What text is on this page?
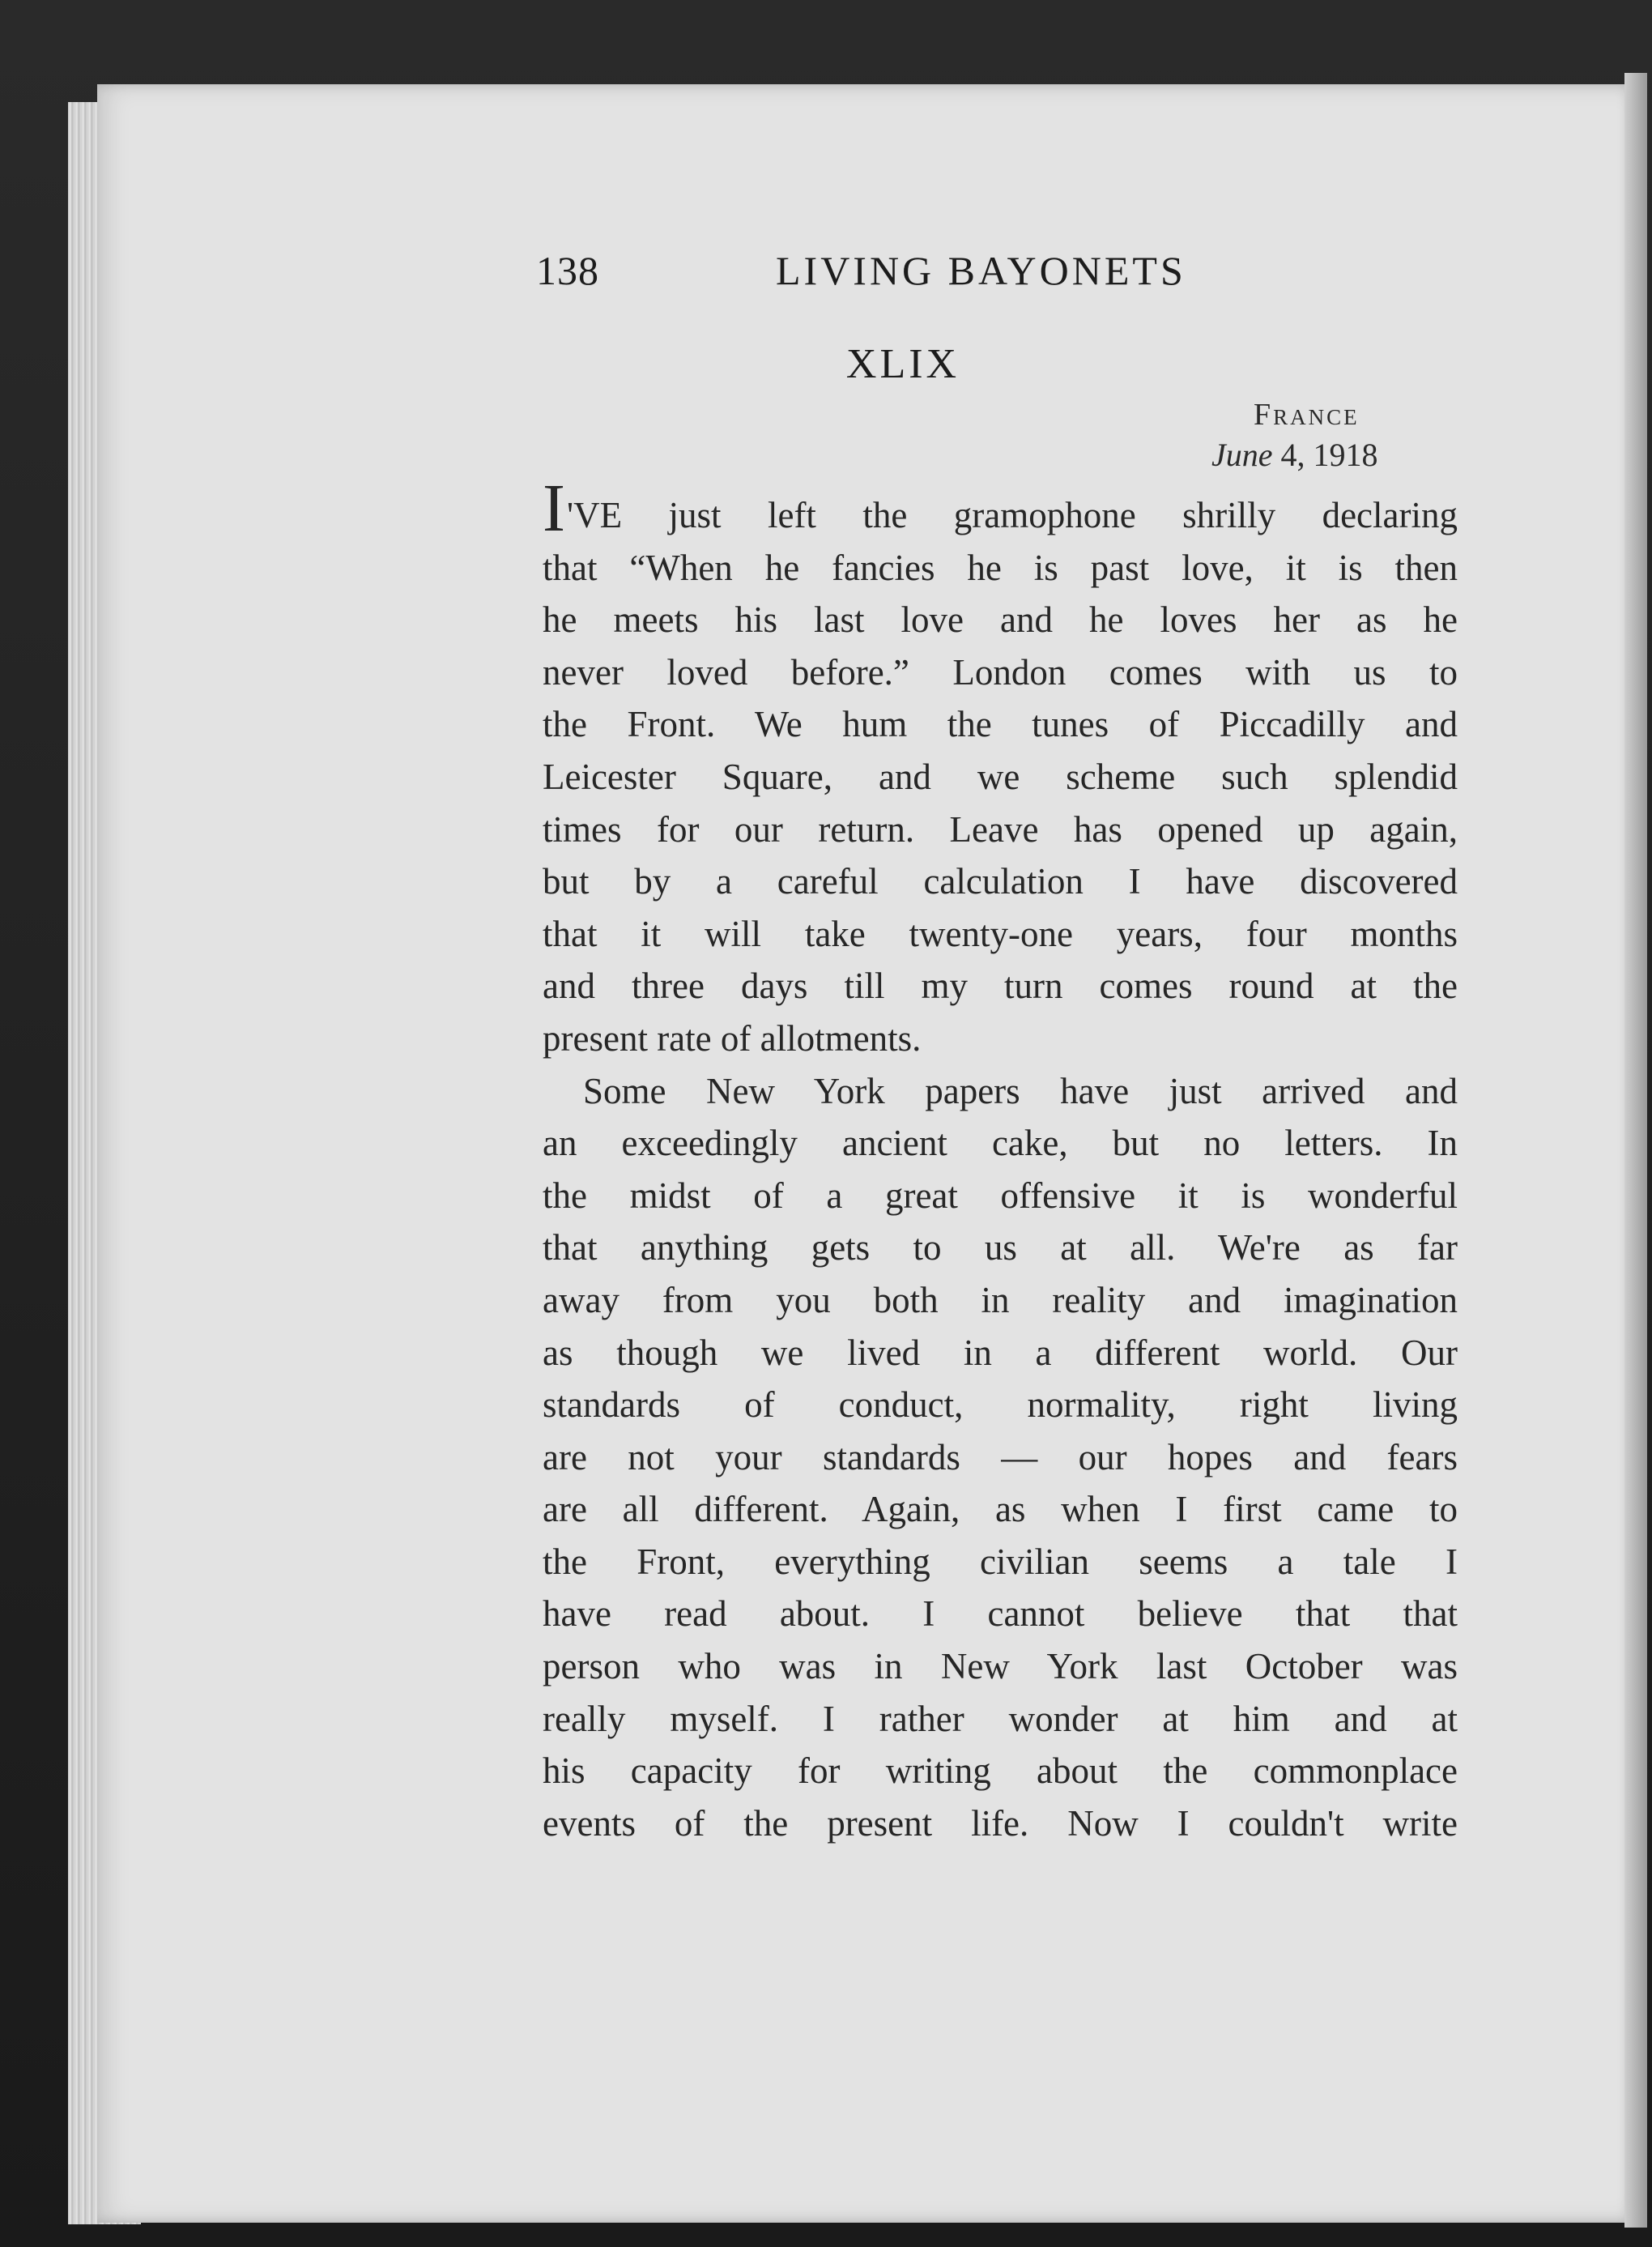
138	LIVING BAYONETS
XLIX
France
June 4, 1918

I'VE just left the gramophone shrilly declaring

that “When he fancies he is past love, it is then

he meets his last love and he loves her as he

never loved before.” London comes with us to

the Front. We hum the tunes of Piccadilly and

Leicester Square, and we scheme such splendid

times for our return. Leave has opened up again,

but by a careful calculation I have discovered

that it will take twenty-one years, four months

and three days till my turn comes round at the

present rate of allotments.

Some New York papers have just arrived and

an exceedingly ancient cake, but no letters. In

the midst of a great offensive it is wonderful

that anything gets to us at all. We're as far

away from you both in reality and imagination

as though we lived in a different world. Our

standards of conduct, normality, right living

are not your standards — our hopes and fears

are all different. Again, as when I first came to

the Front, everything civilian seems a tale I

have read about. I cannot believe that that

person who was in New York last October was

really myself. I rather wonder at him and at

his capacity for writing about the commonplace

events of the present life. Now I couldn't write
